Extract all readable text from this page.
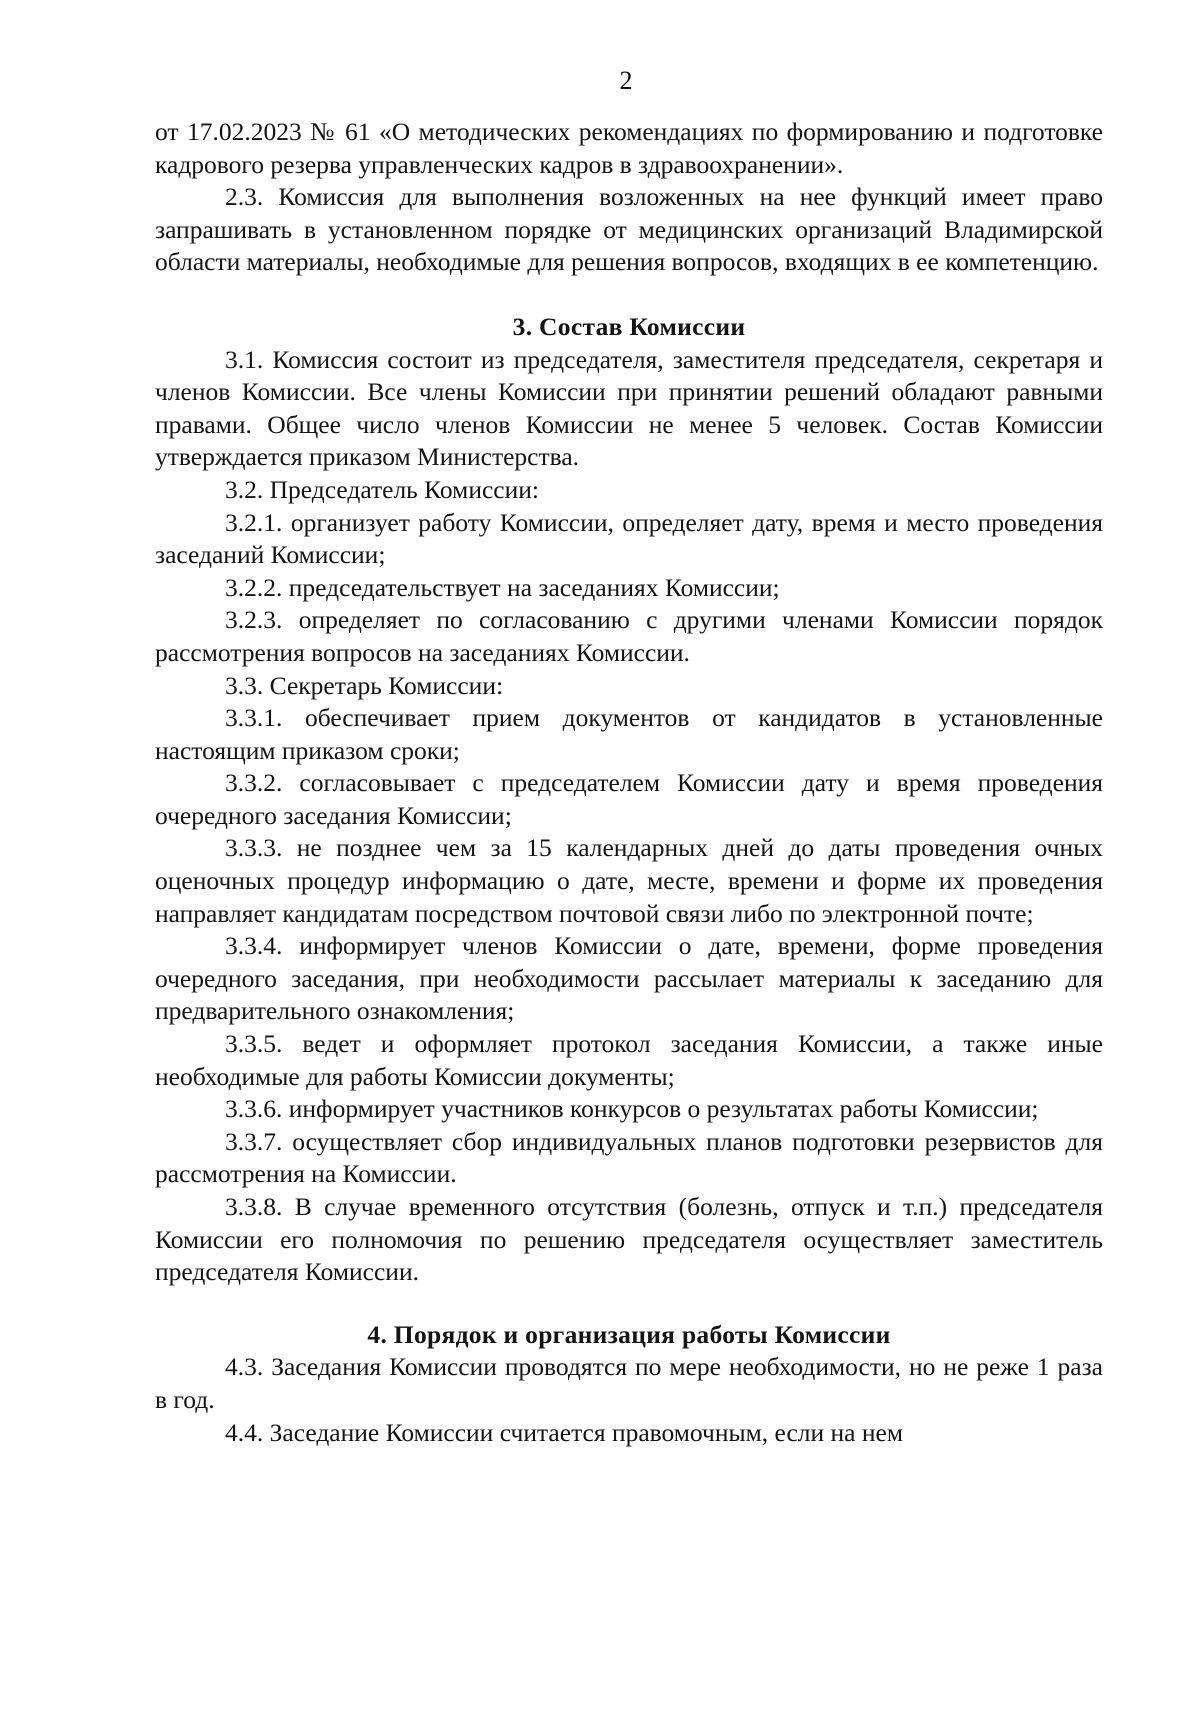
2

от 17.02.2023 № 61 «О методических рекомендациях по формированию и подготовке кадрового резерва управленческих кадров в здравоохранении».

2.3. Комиссия для выполнения возложенных на нее функций имеет право запрашивать в установленном порядке от медицинских организаций Владимирской области материалы, необходимые для решения вопросов, входящих в ее компетенцию.

3. Состав Комиссии

3.1. Комиссия состоит из председателя, заместителя председателя, секретаря и членов Комиссии. Все члены Комиссии при принятии решений обладают равными правами. Общее число членов Комиссии не менее 5 человек. Состав Комиссии утверждается приказом Министерства.

3.2. Председатель Комиссии:

3.2.1. организует работу Комиссии, определяет дату, время и место проведения заседаний Комиссии;

3.2.2. председательствует на заседаниях Комиссии;

3.2.3. определяет по согласованию с другими членами Комиссии порядок рассмотрения вопросов на заседаниях Комиссии.

3.3. Секретарь Комиссии:

3.3.1. обеспечивает прием документов от кандидатов в установленные настоящим приказом сроки;

3.3.2. согласовывает с председателем Комиссии дату и время проведения очередного заседания Комиссии;

3.3.3. не позднее чем за 15 календарных дней до даты проведения очных оценочных процедур информацию о дате, месте, времени и форме их проведения направляет кандидатам посредством почтовой связи либо по электронной почте;

3.3.4. информирует членов Комиссии о дате, времени, форме проведения очередного заседания, при необходимости рассылает материалы к заседанию для предварительного ознакомления;

3.3.5. ведет и оформляет протокол заседания Комиссии, а также иные необходимые для работы Комиссии документы;

3.3.6. информирует участников конкурсов о результатах работы Комиссии;

3.3.7. осуществляет сбор индивидуальных планов подготовки резервистов для рассмотрения на Комиссии.

3.3.8. В случае временного отсутствия (болезнь, отпуск и т.п.) председателя Комиссии его полномочия по решению председателя осуществляет заместитель председателя Комиссии.

4. Порядок и организация работы Комиссии

4.3. Заседания Комиссии проводятся по мере необходимости, но не реже 1 раза в год.

4.4. Заседание Комиссии считается правомочным, если на нем
